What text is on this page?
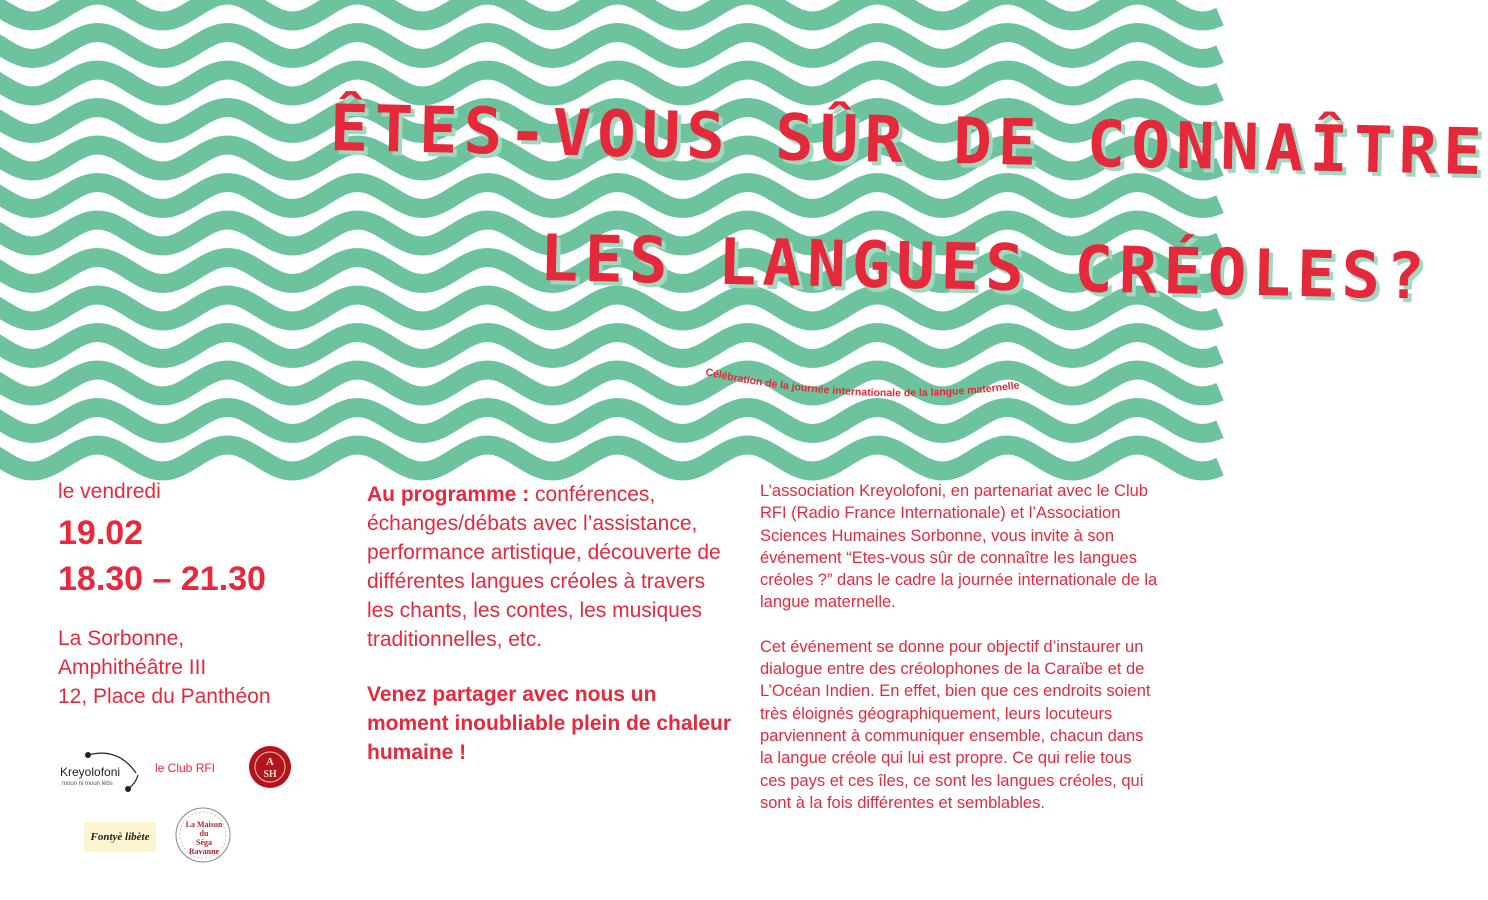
ÊTES-VOUS SÛR DE CONNAÎTRE
LES LANGUES CRÉOLES?
Célébration de la journée internationale de la langue maternelle
le vendredi
19.02
18.30 – 21.30
La Sorbonne,
Amphithéâtre III
12, Place du Panthéon

Au programme : conférences, échanges/débats avec l’assistance, performance artistique, découverte de différentes langues créoles à travers les chants, les contes, les musiques traditionnelles, etc.

Venez partager avec nous un moment inoubliable plein de chaleur humaine !

L’association Kreyolofoni, en partenariat avec le Club RFI (Radio France Internationale) et l’Association Sciences Humaines Sorbonne, vous invite à son événement “Etes-vous sûr de connaître les langues créoles ?” dans le cadre la journée internationale de la langue maternelle.

Cet événement se donne pour objectif d’instaurer un dialogue entre des créolophones de la Caraïbe et de L’Océan Indien. En effet, bien que ces endroits soient très éloignés géographiquement, leurs locuteurs parviennent à communiquer ensemble, chacun dans la langue créole qui lui est propre. Ce qui relie tous ces pays et ces îles, ce sont les langues créoles, qui sont à la fois différentes et semblables.

Kreyolofoni
moun ni moun lèbs
le Club RFI	A
SH
Fontyè libète
La Maison
du
Séga
Ravanne
